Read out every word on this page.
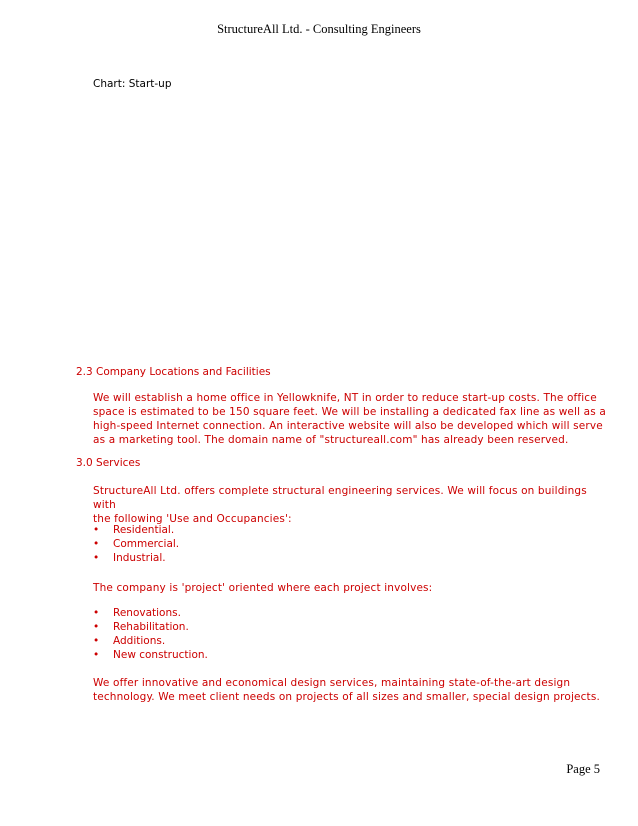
StructureAll Ltd. - Consulting Engineers
Chart: Start-up
2.3 Company Locations and Facilities
We will establish a home office in Yellowknife, NT in order to reduce start-up costs. The office
space is estimated to be 150 square feet. We will be installing a dedicated fax line as well as a
high-speed Internet connection. An interactive website will also be developed which will serve
as a marketing tool. The domain name of "structureall.com" has already been reserved.
3.0 Services
StructureAll Ltd. offers complete structural engineering services. We will focus on buildings with
the following 'Use and Occupancies':
• Residential.
• Commercial.
• Industrial.
The company is 'project' oriented where each project involves:
• Renovations.
• Rehabilitation.
• Additions.
• New construction.
We offer innovative and economical design services, maintaining state-of-the-art design
technology. We meet client needs on projects of all sizes and smaller, special design projects.
Page 5
